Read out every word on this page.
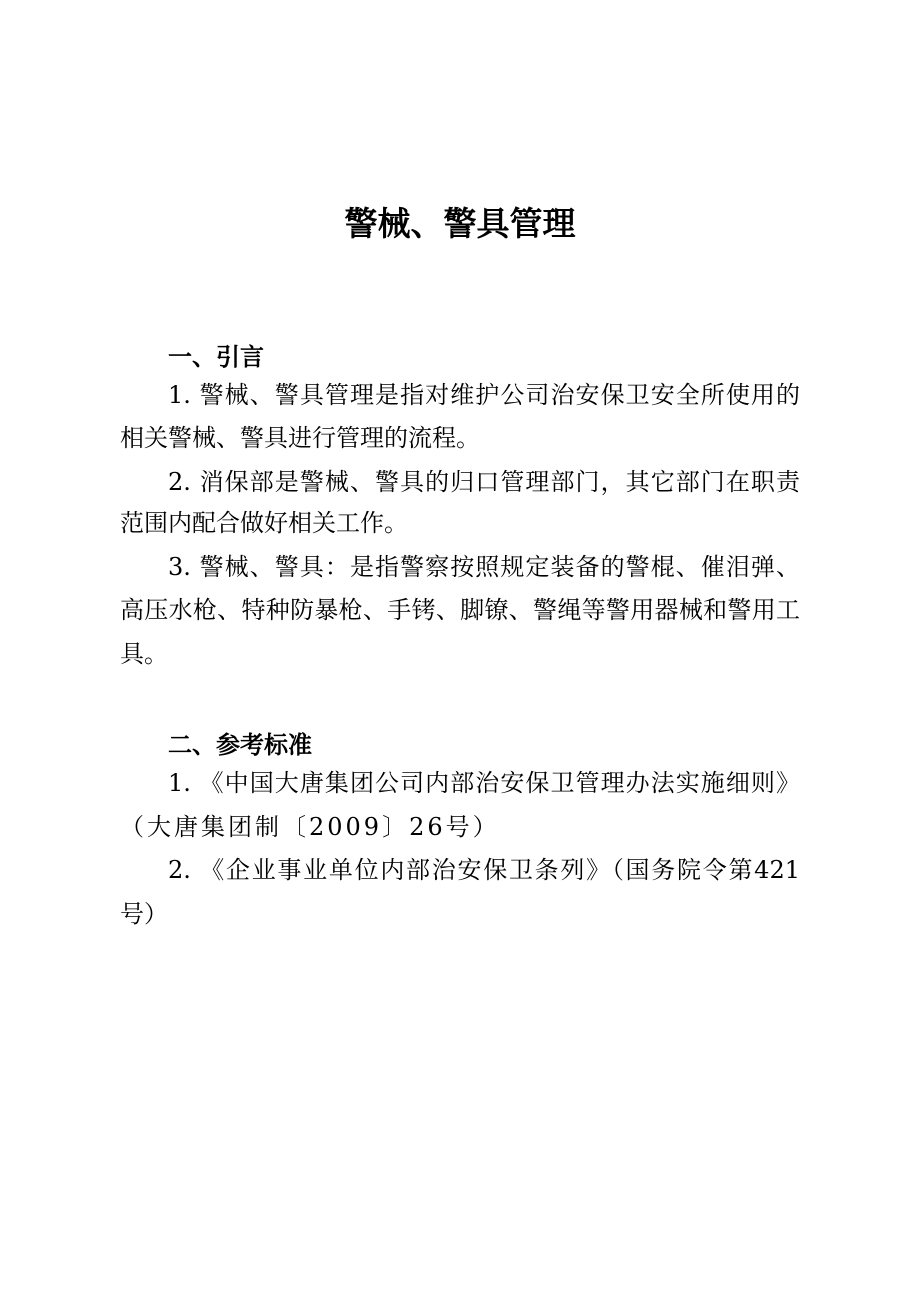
警械、警具管理
一、引言
1. 警械、警具管理是指对维护公司治安保卫安全所使用的
相关警械、警具进行管理的流程。
2. 消保部是警械、警具的归口管理部门，其它部门在职责
范围内配合做好相关工作。
3. 警械、警具：是指警察按照规定装备的警棍、催泪弹、
高压水枪、特种防暴枪、手铐、脚镣、警绳等警用器械和警用工
具。
二、参考标准
1. 《中国大唐集团公司内部治安保卫管理办法实施细则》
（大唐集团制〔2009〕26号）
2. 《企业事业单位内部治安保卫条列》（国务院令第421
号）
